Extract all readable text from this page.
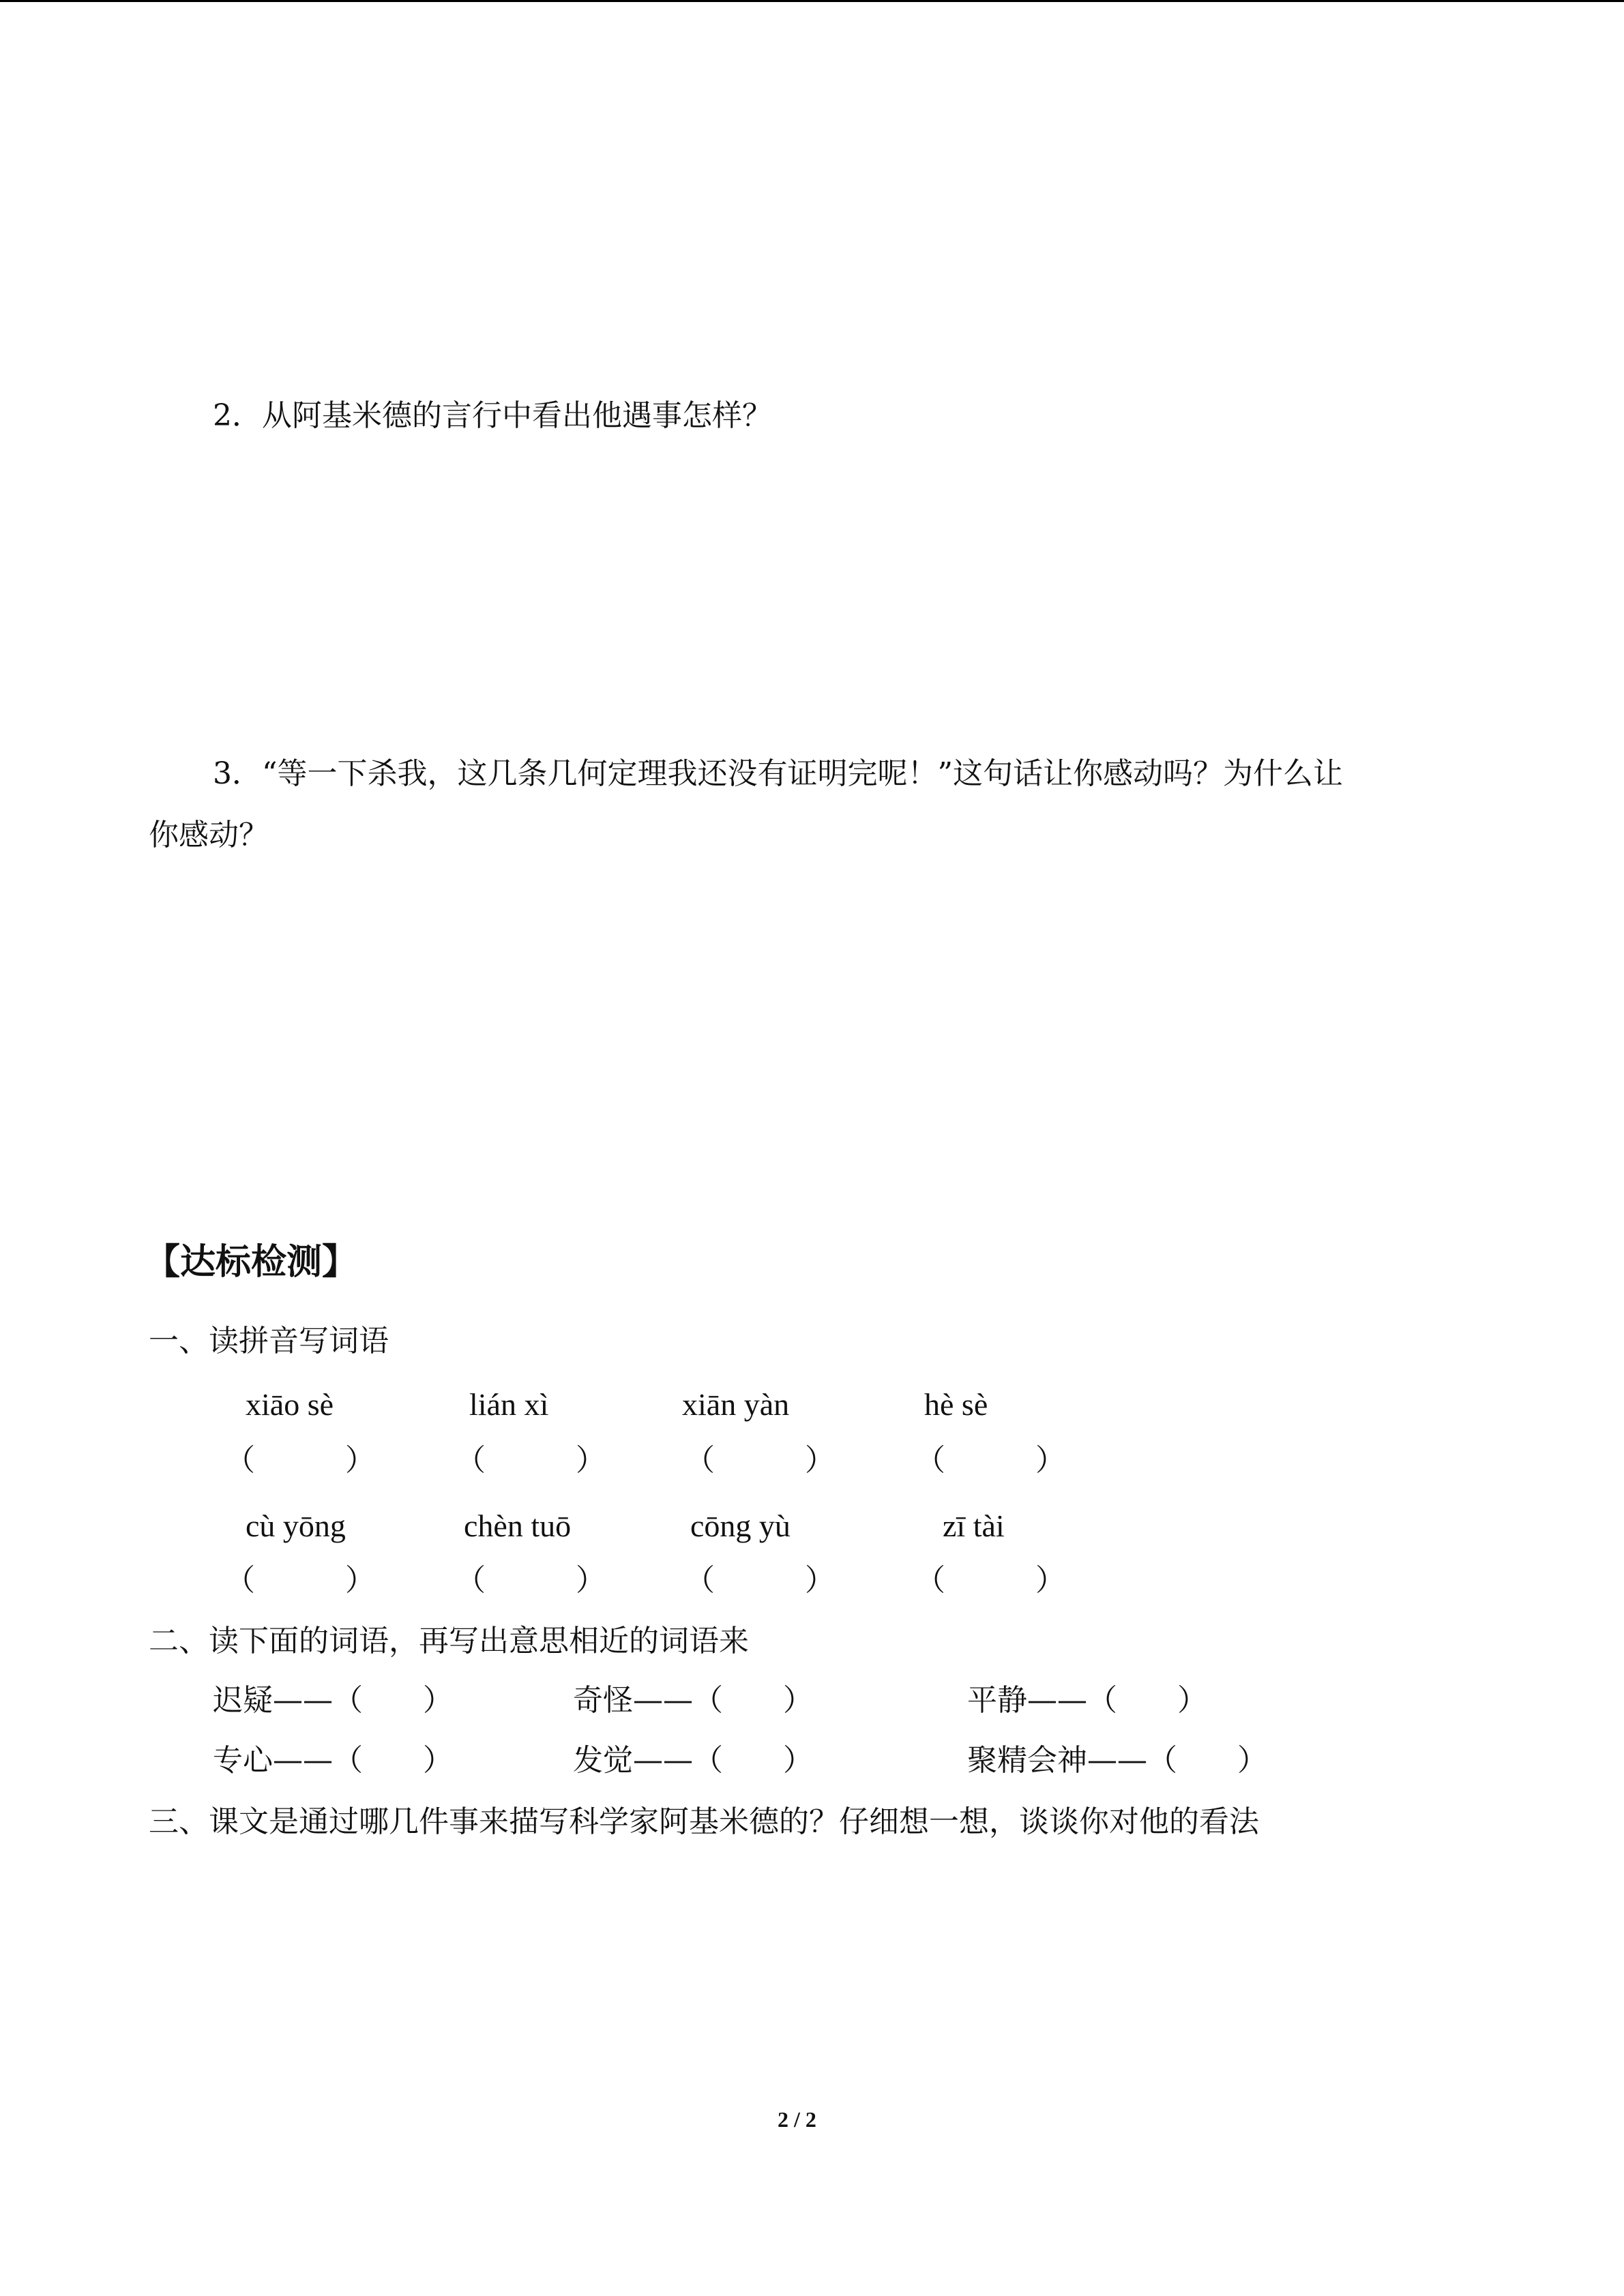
2．从阿基米德的言行中看出他遇事怎样？
3．“等一下杀我，这几条几何定理我还没有证明完呢！”这句话让你感动吗？为什么让
你感动？
【达标检测】
一、读拼音写词语
xiāo sè	lián xì	xiān yàn	hè sè
（　　　）	（　　　）	（　　　）	（　　　）
cù yōng	chèn tuō	cōng yù	zī tài
（　　　）	（　　　）	（　　　）	（　　　）
二、读下面的词语，再写出意思相近的词语来
迟疑——（　　）	奇怪——（　　）	平静——（　　）
专心——（　　）	发觉——（　　）	聚精会神——（　　）
三、课文是通过哪几件事来描写科学家阿基米德的？仔细想一想，谈谈你对他的看法
2 / 2
